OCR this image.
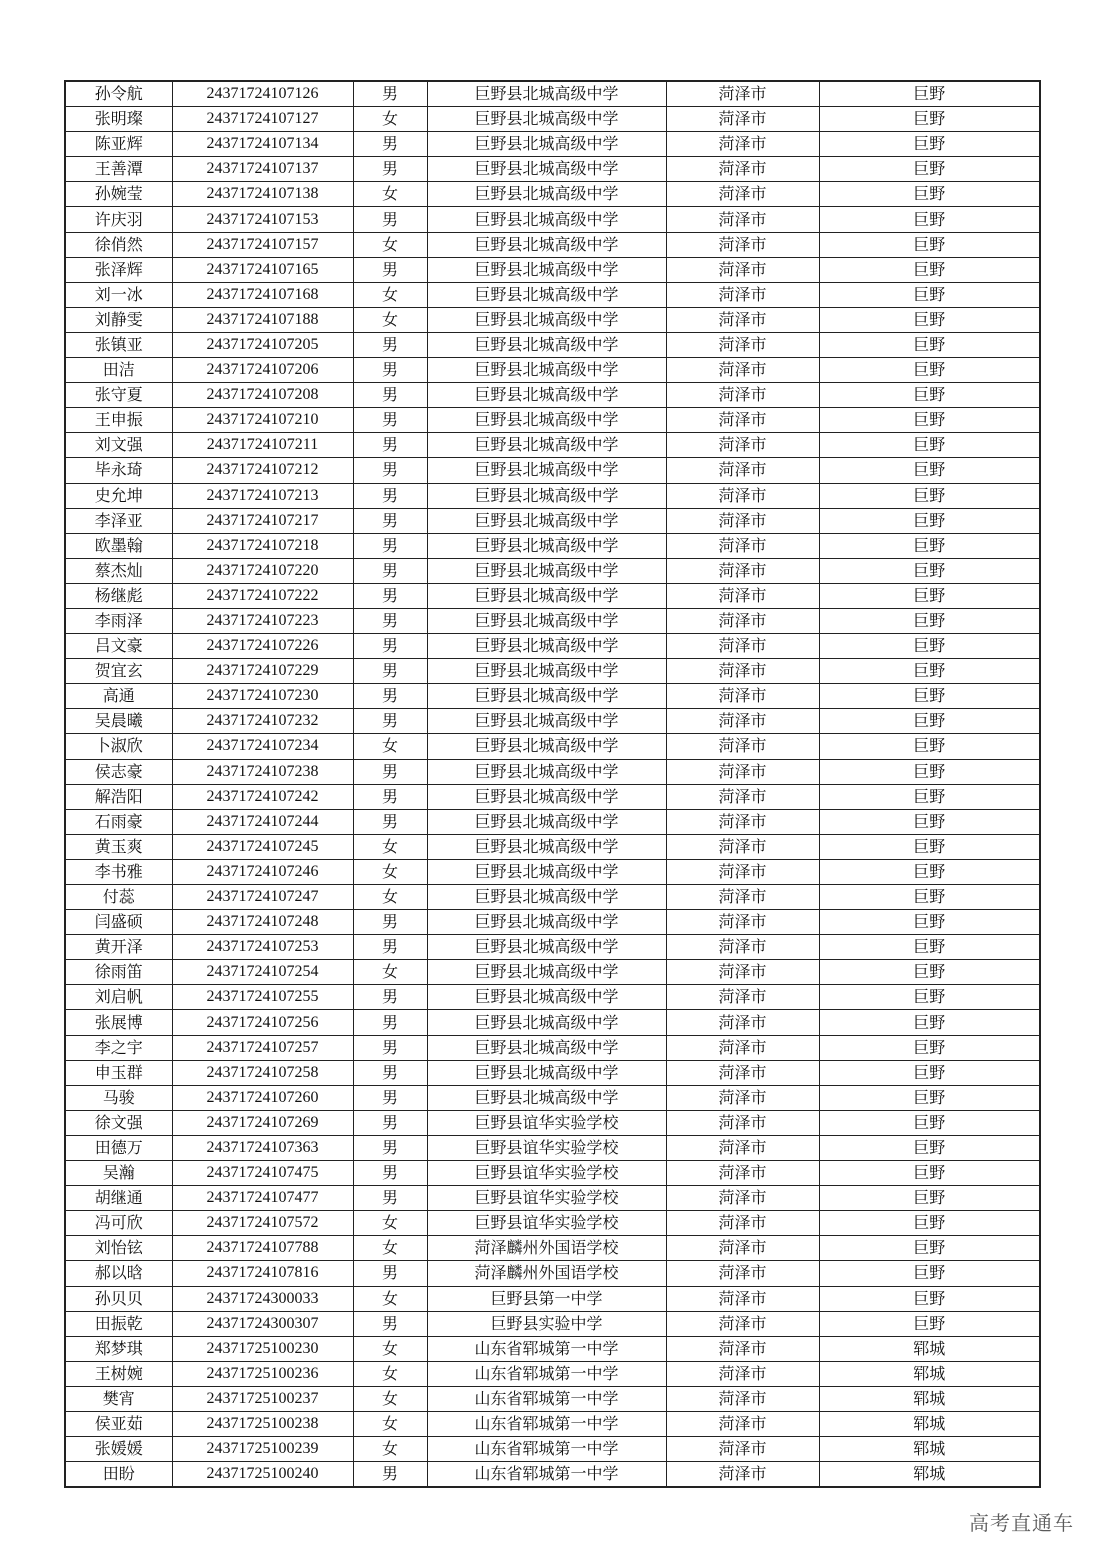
孙令航	24371724107126	男	巨野县北城高级中学	菏泽市	巨野
张明璨	24371724107127	女	巨野县北城高级中学	菏泽市	巨野
陈亚辉	24371724107134	男	巨野县北城高级中学	菏泽市	巨野
王善潭	24371724107137	男	巨野县北城高级中学	菏泽市	巨野
孙婉莹	24371724107138	女	巨野县北城高级中学	菏泽市	巨野
许庆羽	24371724107153	男	巨野县北城高级中学	菏泽市	巨野
徐俏然	24371724107157	女	巨野县北城高级中学	菏泽市	巨野
张泽辉	24371724107165	男	巨野县北城高级中学	菏泽市	巨野
刘一冰	24371724107168	女	巨野县北城高级中学	菏泽市	巨野
刘静雯	24371724107188	女	巨野县北城高级中学	菏泽市	巨野
张镇亚	24371724107205	男	巨野县北城高级中学	菏泽市	巨野
田洁	24371724107206	男	巨野县北城高级中学	菏泽市	巨野
张守夏	24371724107208	男	巨野县北城高级中学	菏泽市	巨野
王申振	24371724107210	男	巨野县北城高级中学	菏泽市	巨野
刘文强	24371724107211	男	巨野县北城高级中学	菏泽市	巨野
毕永琦	24371724107212	男	巨野县北城高级中学	菏泽市	巨野
史允坤	24371724107213	男	巨野县北城高级中学	菏泽市	巨野
李泽亚	24371724107217	男	巨野县北城高级中学	菏泽市	巨野
欧墨翰	24371724107218	男	巨野县北城高级中学	菏泽市	巨野
蔡杰灿	24371724107220	男	巨野县北城高级中学	菏泽市	巨野
杨继彪	24371724107222	男	巨野县北城高级中学	菏泽市	巨野
李雨泽	24371724107223	男	巨野县北城高级中学	菏泽市	巨野
吕文豪	24371724107226	男	巨野县北城高级中学	菏泽市	巨野
贺宜玄	24371724107229	男	巨野县北城高级中学	菏泽市	巨野
高通	24371724107230	男	巨野县北城高级中学	菏泽市	巨野
吴晨曦	24371724107232	男	巨野县北城高级中学	菏泽市	巨野
卜淑欣	24371724107234	女	巨野县北城高级中学	菏泽市	巨野
侯志豪	24371724107238	男	巨野县北城高级中学	菏泽市	巨野
解浩阳	24371724107242	男	巨野县北城高级中学	菏泽市	巨野
石雨豪	24371724107244	男	巨野县北城高级中学	菏泽市	巨野
黄玉爽	24371724107245	女	巨野县北城高级中学	菏泽市	巨野
李书雅	24371724107246	女	巨野县北城高级中学	菏泽市	巨野
付蕊	24371724107247	女	巨野县北城高级中学	菏泽市	巨野
闫盛硕	24371724107248	男	巨野县北城高级中学	菏泽市	巨野
黄开泽	24371724107253	男	巨野县北城高级中学	菏泽市	巨野
徐雨笛	24371724107254	女	巨野县北城高级中学	菏泽市	巨野
刘启帆	24371724107255	男	巨野县北城高级中学	菏泽市	巨野
张展博	24371724107256	男	巨野县北城高级中学	菏泽市	巨野
李之宇	24371724107257	男	巨野县北城高级中学	菏泽市	巨野
申玉群	24371724107258	男	巨野县北城高级中学	菏泽市	巨野
马骏	24371724107260	男	巨野县北城高级中学	菏泽市	巨野
徐文强	24371724107269	男	巨野县谊华实验学校	菏泽市	巨野
田德万	24371724107363	男	巨野县谊华实验学校	菏泽市	巨野
吴瀚	24371724107475	男	巨野县谊华实验学校	菏泽市	巨野
胡继通	24371724107477	男	巨野县谊华实验学校	菏泽市	巨野
冯可欣	24371724107572	女	巨野县谊华实验学校	菏泽市	巨野
刘怡铉	24371724107788	女	菏泽麟州外国语学校	菏泽市	巨野
郝以晗	24371724107816	男	菏泽麟州外国语学校	菏泽市	巨野
孙贝贝	24371724300033	女	巨野县第一中学	菏泽市	巨野
田振乾	24371724300307	男	巨野县实验中学	菏泽市	巨野
郑梦琪	24371725100230	女	山东省郓城第一中学	菏泽市	郓城
王树婉	24371725100236	女	山东省郓城第一中学	菏泽市	郓城
樊宵	24371725100237	女	山东省郓城第一中学	菏泽市	郓城
侯亚茹	24371725100238	女	山东省郓城第一中学	菏泽市	郓城
张媛媛	24371725100239	女	山东省郓城第一中学	菏泽市	郓城
田盼	24371725100240	男	山东省郓城第一中学	菏泽市	郓城
高考直通车
